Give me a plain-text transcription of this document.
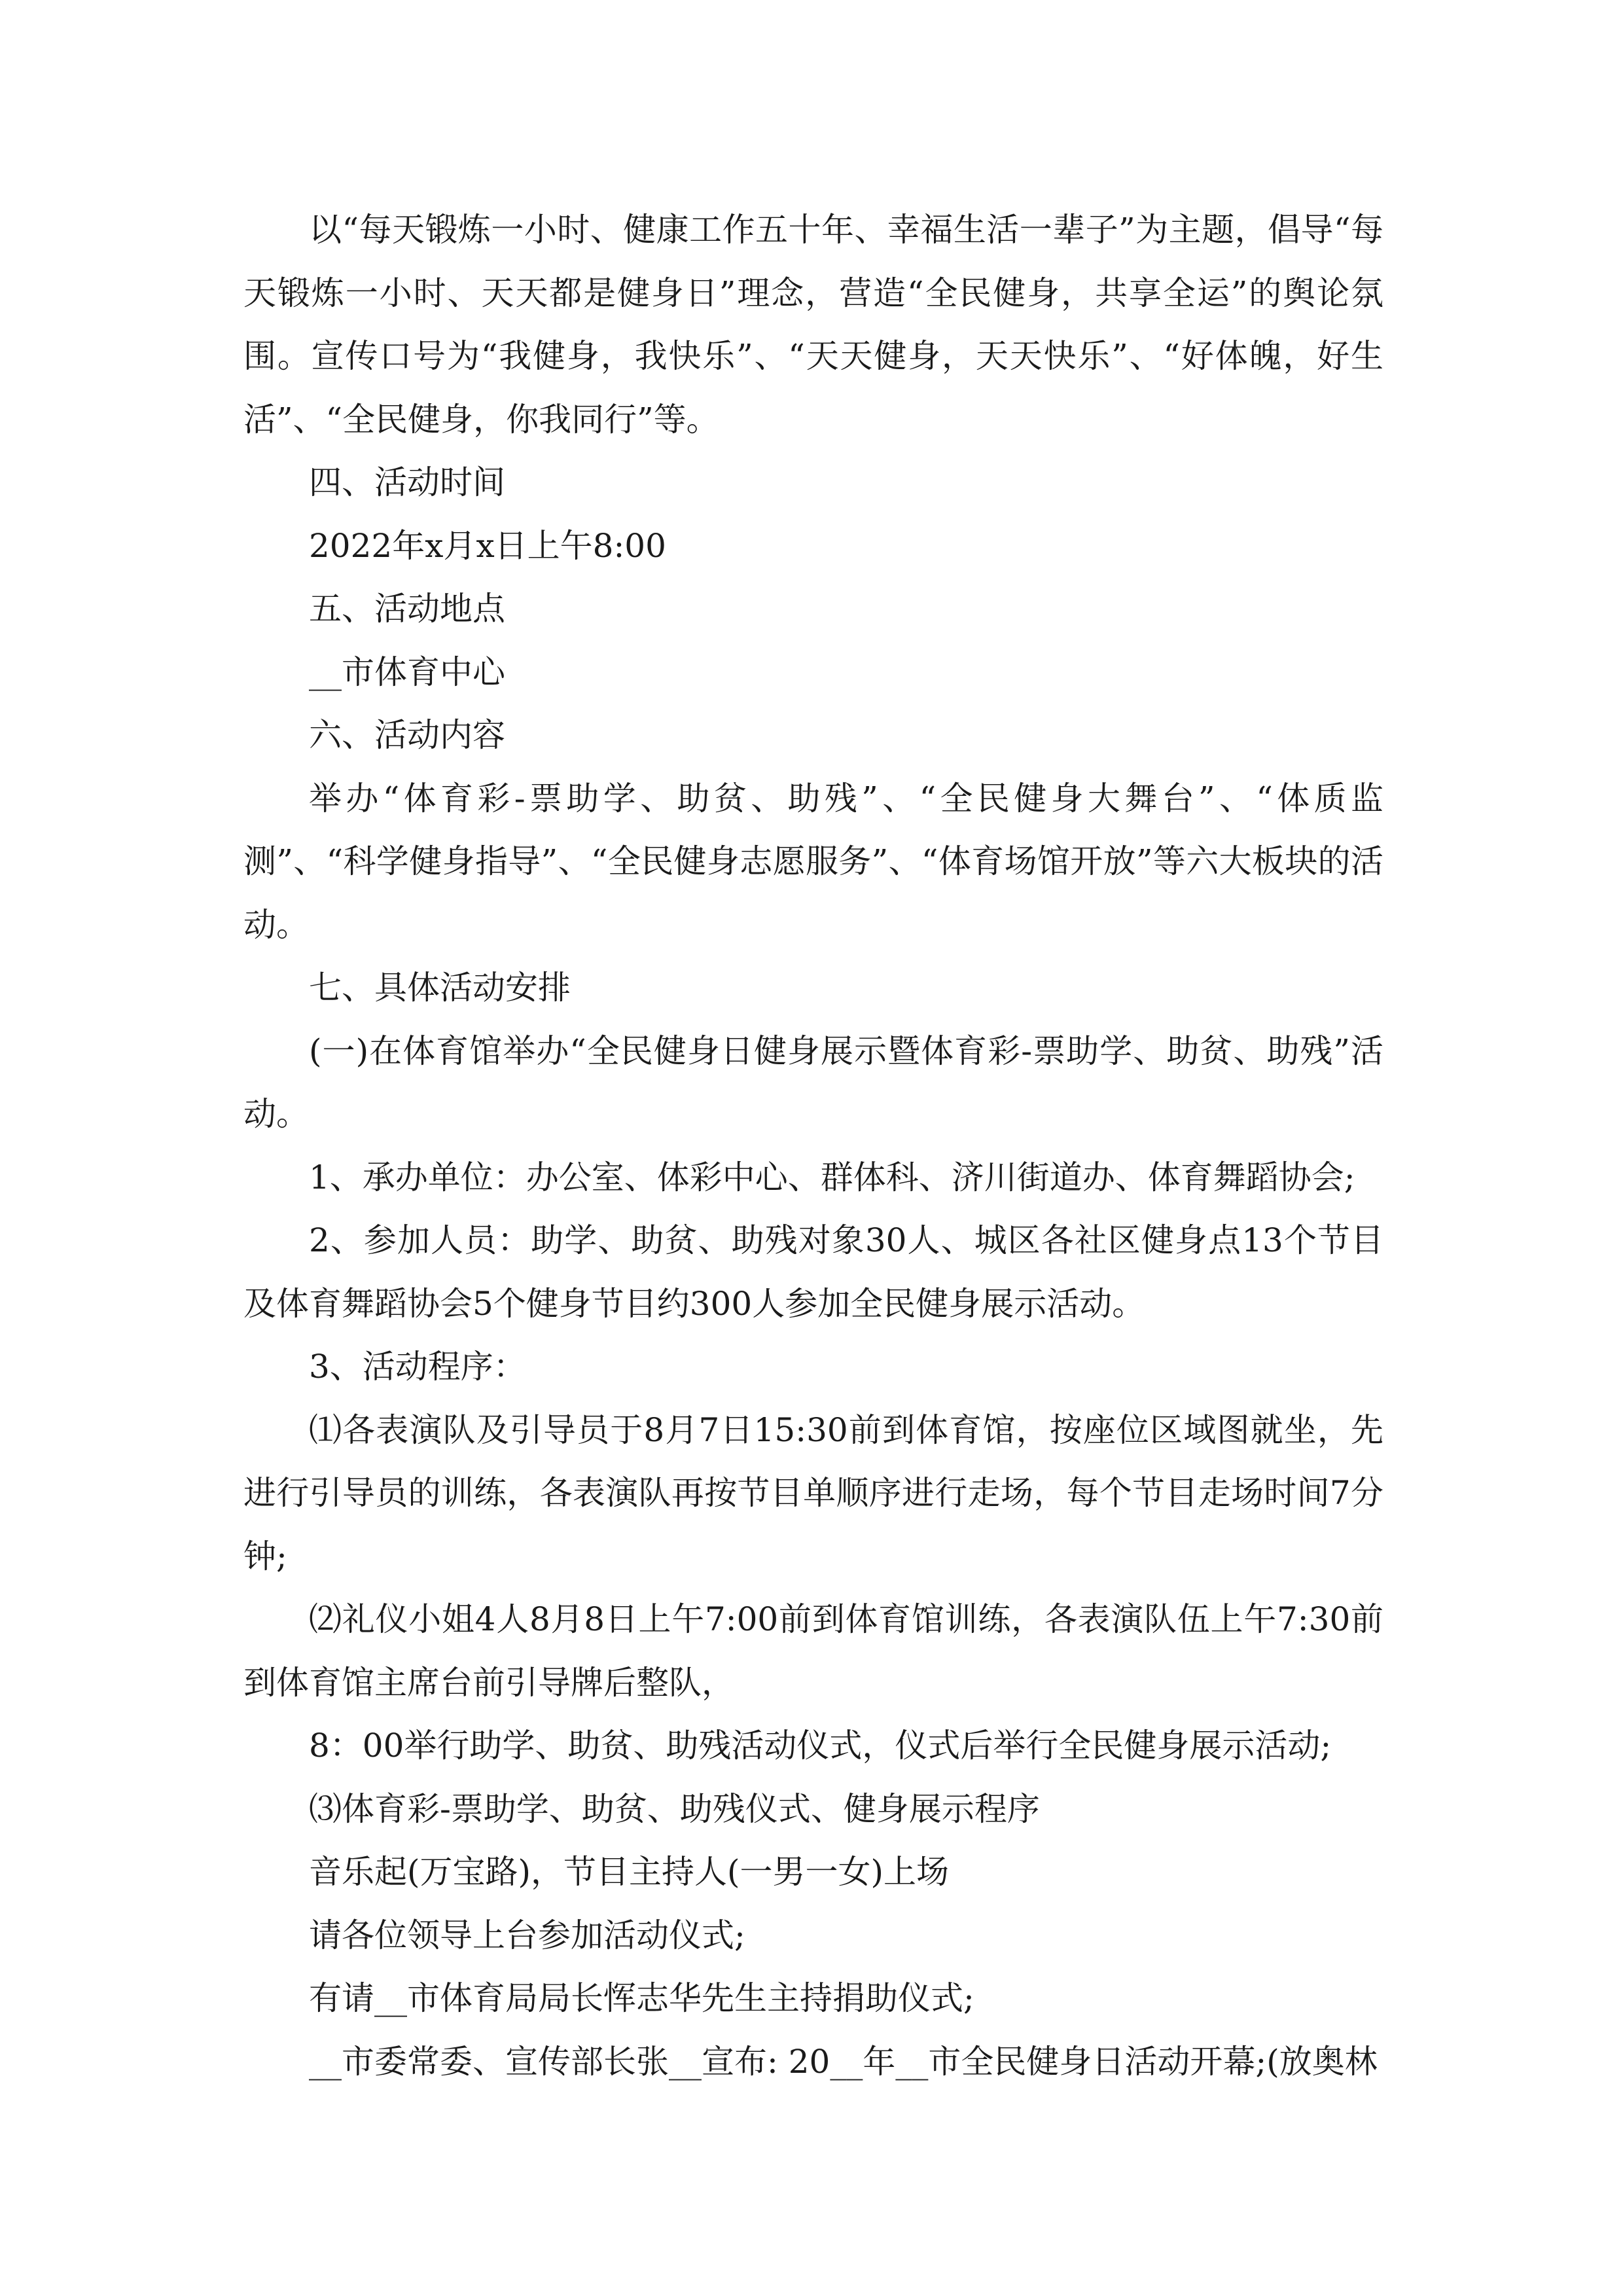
以“每天锻炼一小时、健康工作五十年、幸福生活一辈子”为主题，倡导“每天锻炼一小时、天天都是健身日”理念，营造“全民健身，共享全运”的舆论氛围。宣传口号为“我健身，我快乐”、“天天健身，天天快乐”、“好体魄，好生活”、“全民健身，你我同行”等。

四、活动时间

2022年x月x日上午8:00

五、活动地点

__市体育中心

六、活动内容

举办“体育彩-票助学、助贫、助残”、“全民健身大舞台”、“体质监测”、“科学健身指导”、“全民健身志愿服务”、“体育场馆开放”等六大板块的活动。

七、具体活动安排

(一)在体育馆举办“全民健身日健身展示暨体育彩-票助学、助贫、助残”活动。

1、承办单位：办公室、体彩中心、群体科、济川街道办、体育舞蹈协会;

2、参加人员：助学、助贫、助残对象30人、城区各社区健身点13个节目及体育舞蹈协会5个健身节目约300人参加全民健身展示活动。

3、活动程序：

⑴各表演队及引导员于8月7日15:30前到体育馆，按座位区域图就坐，先进行引导员的训练，各表演队再按节目单顺序进行走场，每个节目走场时间7分钟;

⑵礼仪小姐4人8月8日上午7:00前到体育馆训练，各表演队伍上午7:30前到体育馆主席台前引导牌后整队，

8：00举行助学、助贫、助残活动仪式，仪式后举行全民健身展示活动;

⑶体育彩-票助学、助贫、助残仪式、健身展示程序

音乐起(万宝路)，节目主持人(一男一女)上场

请各位领导上台参加活动仪式;

有请__市体育局局长恽志华先生主持捐助仪式;

__市委常委、宣传部长张__宣布: 20__年__市全民健身日活动开幕;(放奥林
